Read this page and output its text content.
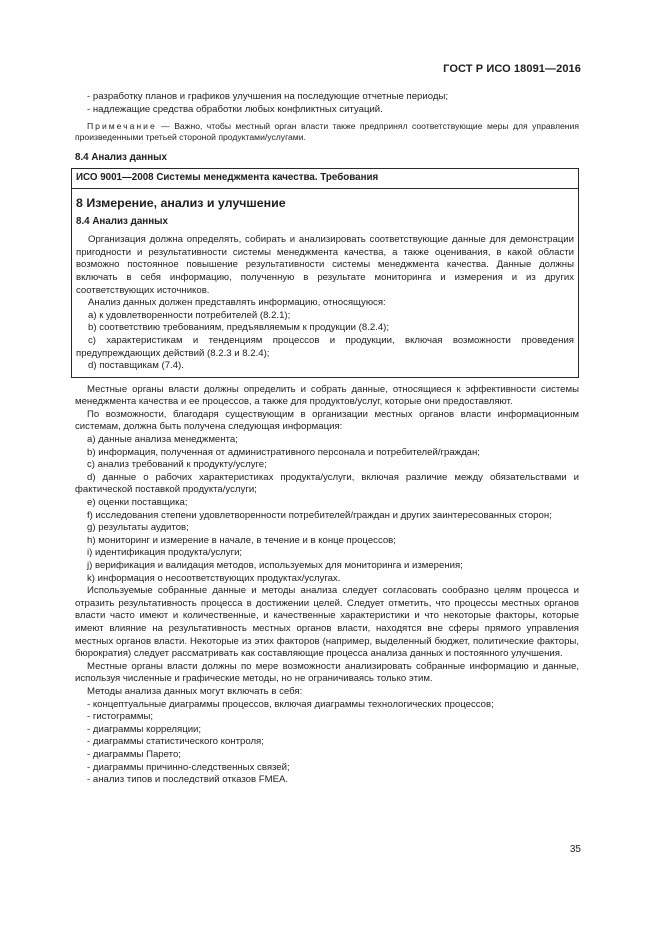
ГОСТ Р ИСО 18091—2016

- разработку планов и графиков улучшения на последующие отчетные периоды;

- надлежащие средства обработки любых конфликтных ситуаций.

Примечание — Важно, чтобы местный орган власти также предпринял соответствующие меры для управления произведенными третьей стороной продуктами/услугами.

8.4 Анализ данных
ИСО 9001—2008 Системы менеджмента качества. Требования
8 Измерение, анализ и улучшение
8.4 Анализ данных

Организация должна определять, собирать и анализировать соответствующие данные для демонстрации пригодности и результативности системы менеджмента качества, а также оценивания, в какой области возможно постоянное повышение результативности системы менеджмента качества. Данные должны включать в себя информацию, полученную в результате мониторинга и измерения и из других соответствующих источников.

Анализ данных должен представлять информацию, относящуюся:

a) к удовлетворенности потребителей (8.2.1);

b) соответствию требованиям, предъявляемым к продукции (8.2.4);

c) характеристикам и тенденциям процессов и продукции, включая возможности проведения предупреждающих действий (8.2.3 и 8.2.4);

d) поставщикам (7.4).

Местные органы власти должны определить и собрать данные, относящиеся к эффективности системы менеджмента качества и ее процессов, а также для продуктов/услуг, которые они предоставляют.

По возможности, благодаря существующим в организации местных органов власти информационным системам, должна быть получена следующая информация:

a) данные анализа менеджмента;

b) информация, полученная от административного персонала и потребителей/граждан;

c) анализ требований к продукту/услуге;

d) данные о рабочих характеристиках продукта/услуги, включая различие между обязательствами и фактической поставкой продукта/услуги;

e) оценки поставщика;

f) исследования степени удовлетворенности потребителей/граждан и других заинтересованных сторон;

g) результаты аудитов;

h) мониторинг и измерение в начале, в течение и в конце процессов;

i) идентификация продукта/услуги;

j) верификация и валидация методов, используемых для мониторинга и измерения;

k) информация о несоответствующих продуктах/услугах.

Используемые собранные данные и методы анализа следует согласовать сообразно целям процесса и отразить результативность процесса в достижении целей. Следует отметить, что процессы местных органов власти часто имеют и количественные, и качественные характеристики и что некоторые факторы, которые имеют влияние на результативность местных органов власти, находятся вне сферы прямого управления местных органов власти. Некоторые из этих факторов (например, выделенный бюджет, политические факторы, бюрократия) следует рассматривать как составляющие процесса анализа данных и постоянного улучшения.

Местные органы власти должны по мере возможности анализировать собранные информацию и данные, используя численные и графические методы, но не ограничиваясь только этим.

Методы анализа данных могут включать в себя:

- концептуальные диаграммы процессов, включая диаграммы технологических процессов;

- гистограммы;

- диаграммы корреляции;

- диаграммы статистического контроля;

- диаграммы Парето;

- диаграммы причинно-следственных связей;

- анализ типов и последствий отказов FMEA.

35
